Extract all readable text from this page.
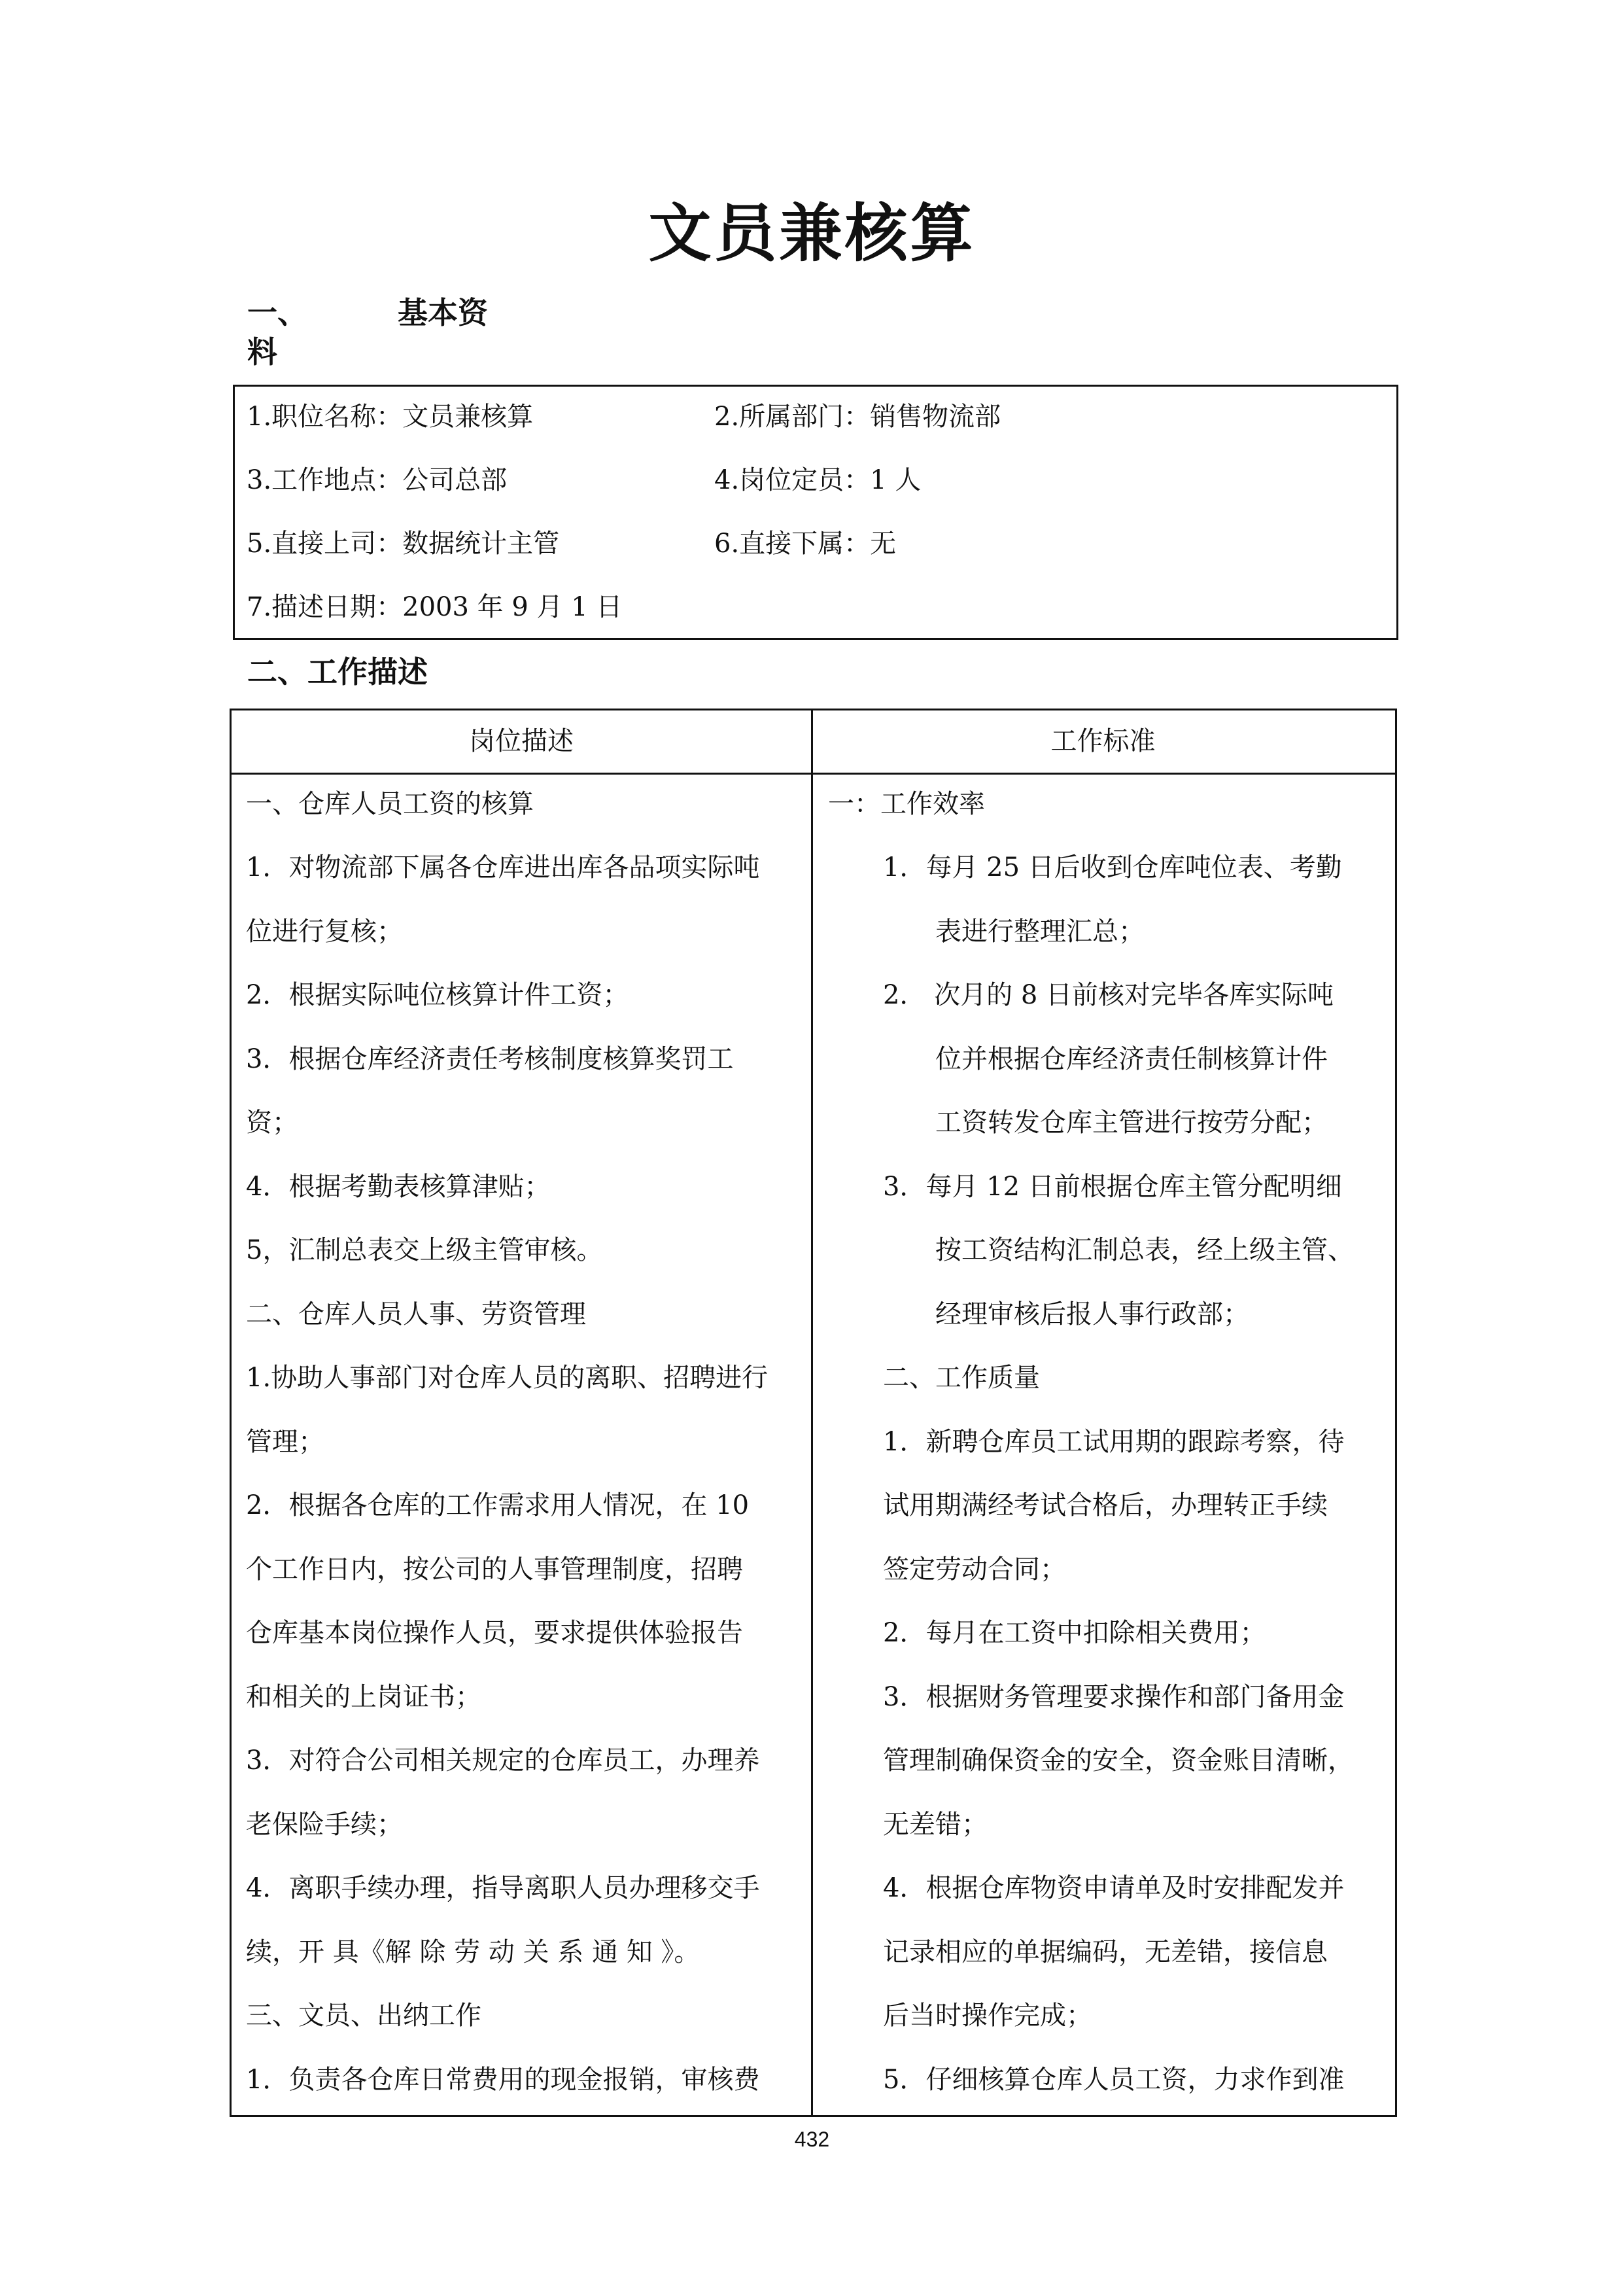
文员兼核算
一、	基本资
料
1.职位名称：文员兼核算	2.所属部门：销售物流部
3.工作地点：公司总部	4.岗位定员：1 人
5.直接上司：数据统计主管	6.直接下属：无
7.描述日期：2003 年 9 月 1 日
二、工作描述
岗位描述	工作标准
一、仓库人员工资的核算
1．对物流部下属各仓库进出库各品项实际吨
位进行复核；
2．根据实际吨位核算计件工资；
3．根据仓库经济责任考核制度核算奖罚工
资；
4．根据考勤表核算津贴；
5，汇制总表交上级主管审核。
二、仓库人员人事、劳资管理
1.协助人事部门对仓库人员的离职、招聘进行
管理；
2．根据各仓库的工作需求用人情况，在 10
个工作日内，按公司的人事管理制度，招聘
仓库基本岗位操作人员，要求提供体验报告
和相关的上岗证书；
3．对符合公司相关规定的仓库员工，办理养
老保险手续；
4．离职手续办理，指导离职人员办理移交手
续，开 具《解 除 劳 动 关 系 通 知 》。
三、文员、出纳工作
1．负责各仓库日常费用的现金报销，审核费
一：工作效率
1．每月 25 日后收到仓库吨位表、考勤
表进行整理汇总；
2． 次月的 8 日前核对完毕各库实际吨
位并根据仓库经济责任制核算计件
工资转发仓库主管进行按劳分配；
3．每月 12 日前根据仓库主管分配明细
按工资结构汇制总表，经上级主管、
经理审核后报人事行政部；
二、工作质量
1．新聘仓库员工试用期的跟踪考察，待
试用期满经考试合格后，办理转正手续
签定劳动合同；
2．每月在工资中扣除相关费用；
3．根据财务管理要求操作和部门备用金
管理制确保资金的安全，资金账目清晰，
无差错；
4．根据仓库物资申请单及时安排配发并
记录相应的单据编码，无差错，接信息
后当时操作完成；
5．仔细核算仓库人员工资，力求作到准
432
